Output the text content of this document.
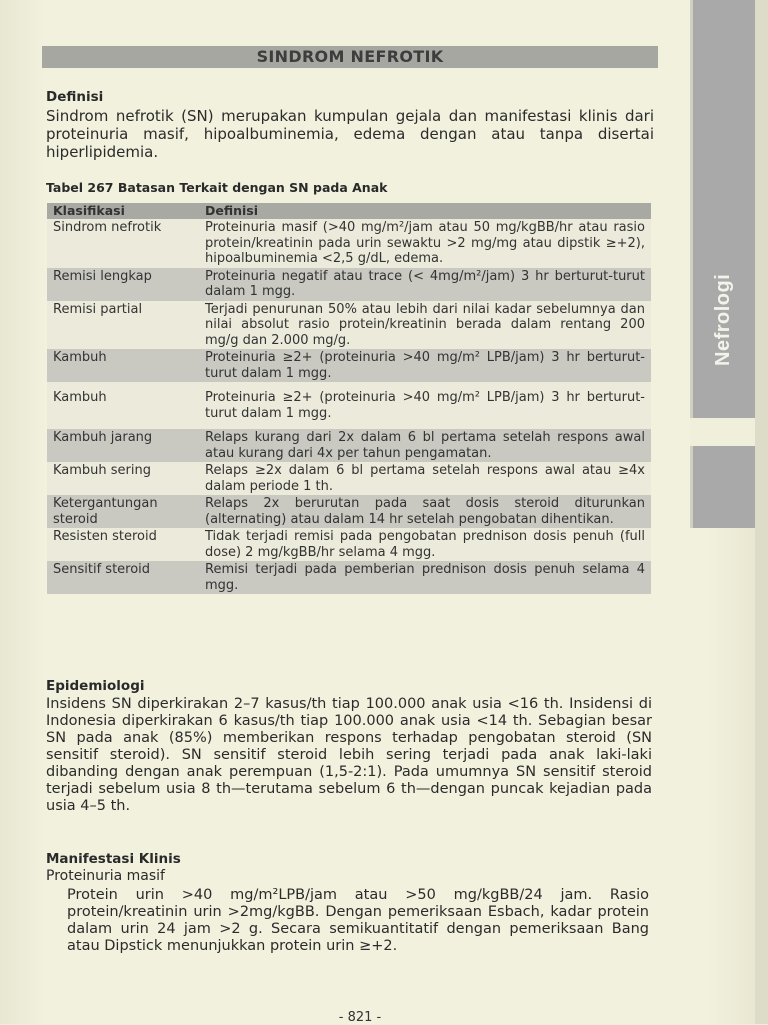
Nefrologi
SINDROM NEFROTIK
Definisi
Sindrom nefrotik (SN) merupakan kumpulan gejala dan manifestasi klinis dari proteinuria masif, hipoalbuminemia, edema dengan atau tanpa disertai hiperlipidemia.
Tabel 267 Batasan Terkait dengan SN pada Anak
Klasifikasi	Definisi
Sindrom nefrotik	Proteinuria masif (>40 mg/m²/jam atau 50 mg/kgBB/hr atau rasio protein/kreatinin pada urin sewaktu >2 mg/mg atau dipstik ≥+2), hipoalbuminemia <2,5 g/dL, edema.
Remisi lengkap	Proteinuria negatif atau trace (< 4mg/m²/jam) 3 hr berturut-turut dalam 1 mgg.
Remisi partial	Terjadi penurunan 50% atau lebih dari nilai kadar sebelumnya dan nilai absolut rasio protein/kreatinin berada dalam rentang 200 mg/g dan 2.000 mg/g.
Kambuh	Proteinuria ≥2+ (proteinuria >40 mg/m² LPB/jam) 3 hr berturut-turut dalam 1 mgg.
Kambuh	Proteinuria ≥2+ (proteinuria >40 mg/m² LPB/jam) 3 hr berturut-turut dalam 1 mgg.
Kambuh jarang	Relaps kurang dari 2x dalam 6 bl pertama setelah respons awal atau kurang dari 4x per tahun pengamatan.
Kambuh sering	Relaps ≥2x dalam 6 bl pertama setelah respons awal atau ≥4x dalam periode 1 th.
Ketergantungan steroid	Relaps 2x berurutan pada saat dosis steroid diturunkan (alternating) atau dalam 14 hr setelah pengobatan dihentikan.
Resisten steroid	Tidak terjadi remisi pada pengobatan prednison dosis penuh (full dose) 2 mg/kgBB/hr selama 4 mgg.
Sensitif steroid	Remisi terjadi pada pemberian prednison dosis penuh selama 4 mgg.
Epidemiologi
Insidens SN diperkirakan 2–7 kasus/th tiap 100.000 anak usia <16 th. Insidensi di Indonesia diperkirakan 6 kasus/th tiap 100.000 anak usia <14 th. Sebagian besar SN pada anak (85%) memberikan respons terhadap pengobatan steroid (SN sensitif steroid). SN sensitif steroid lebih sering terjadi pada anak laki-laki dibanding dengan anak perempuan (1,5-2:1). Pada umumnya SN sensitif steroid terjadi sebelum usia 8 th—terutama sebelum 6 th—dengan puncak kejadian pada usia 4–5 th.
Manifestasi Klinis
Proteinuria masif
Protein urin >40 mg/m²LPB/jam atau >50 mg/kgBB/24 jam. Rasio protein/kreatinin urin >2mg/kgBB. Dengan pemeriksaan Esbach, kadar protein dalam urin 24 jam >2 g. Secara semikuantitatif dengan pemeriksaan Bang atau Dipstick menunjukkan protein urin ≥+2.
- 821 -
